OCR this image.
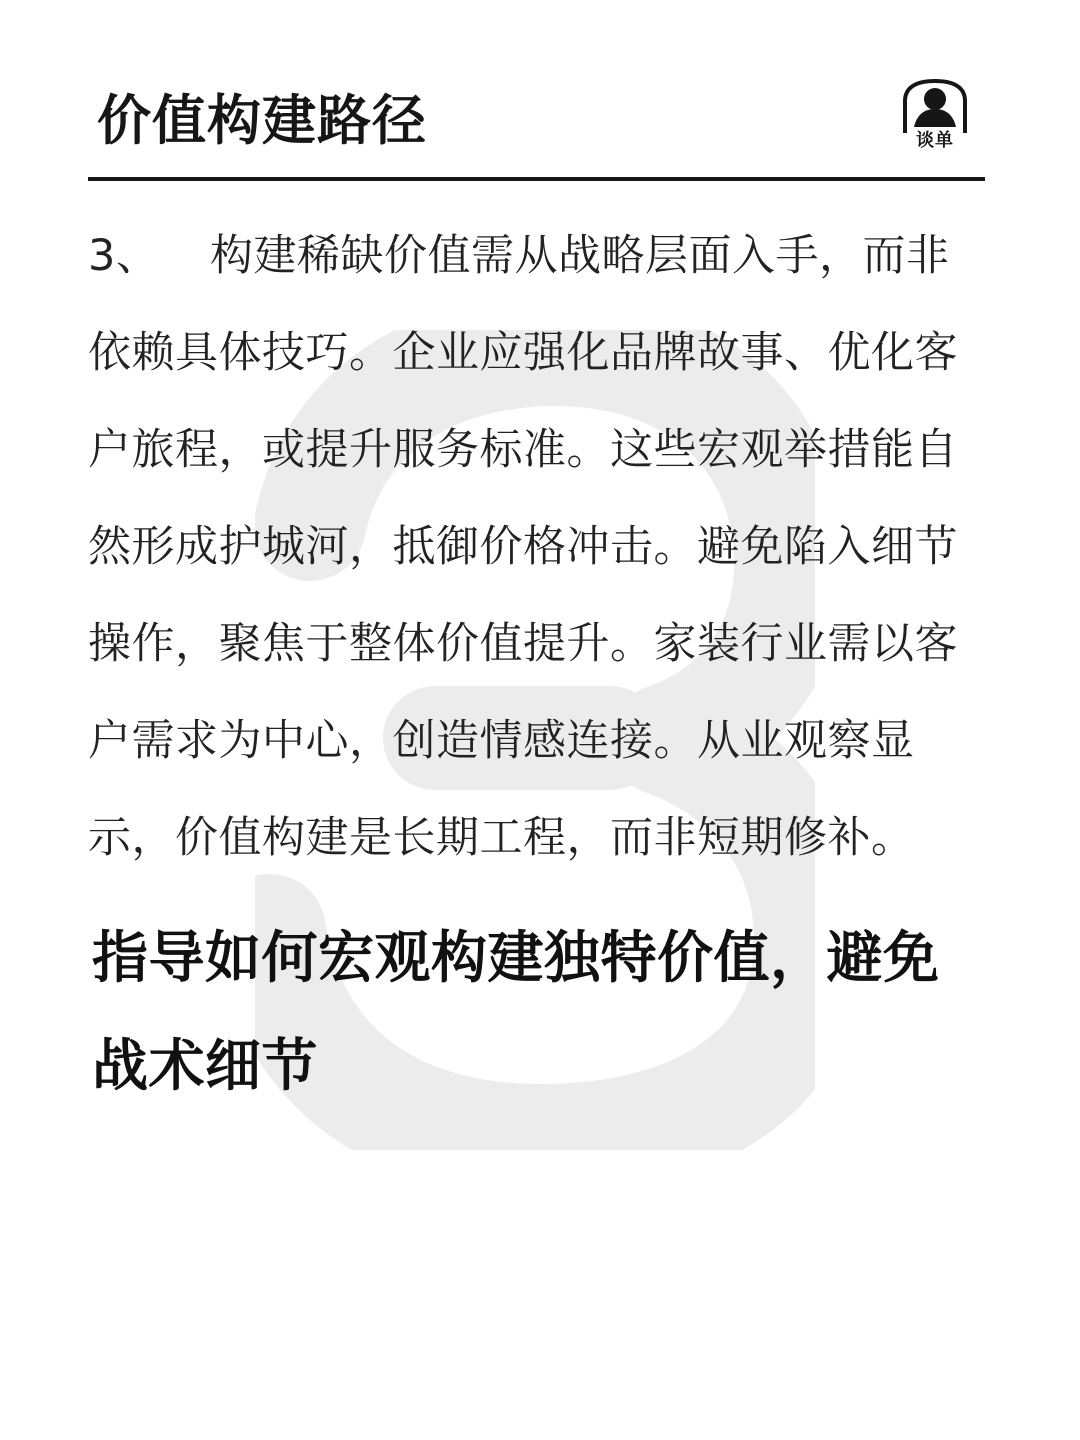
价值构建路径	谈单

3、 构建稀缺价值需从战略层面入手，而非依赖具体技巧。企业应强化品牌故事、优化客户旅程，或提升服务标准。这些宏观举措能自然形成护城河，抵御价格冲击。避免陷入细节操作，聚焦于整体价值提升。家装行业需以客户需求为中心，创造情感连接。从业观察显示，价值构建是长期工程，而非短期修补。

指导如何宏观构建独特价值，避免战术细节
